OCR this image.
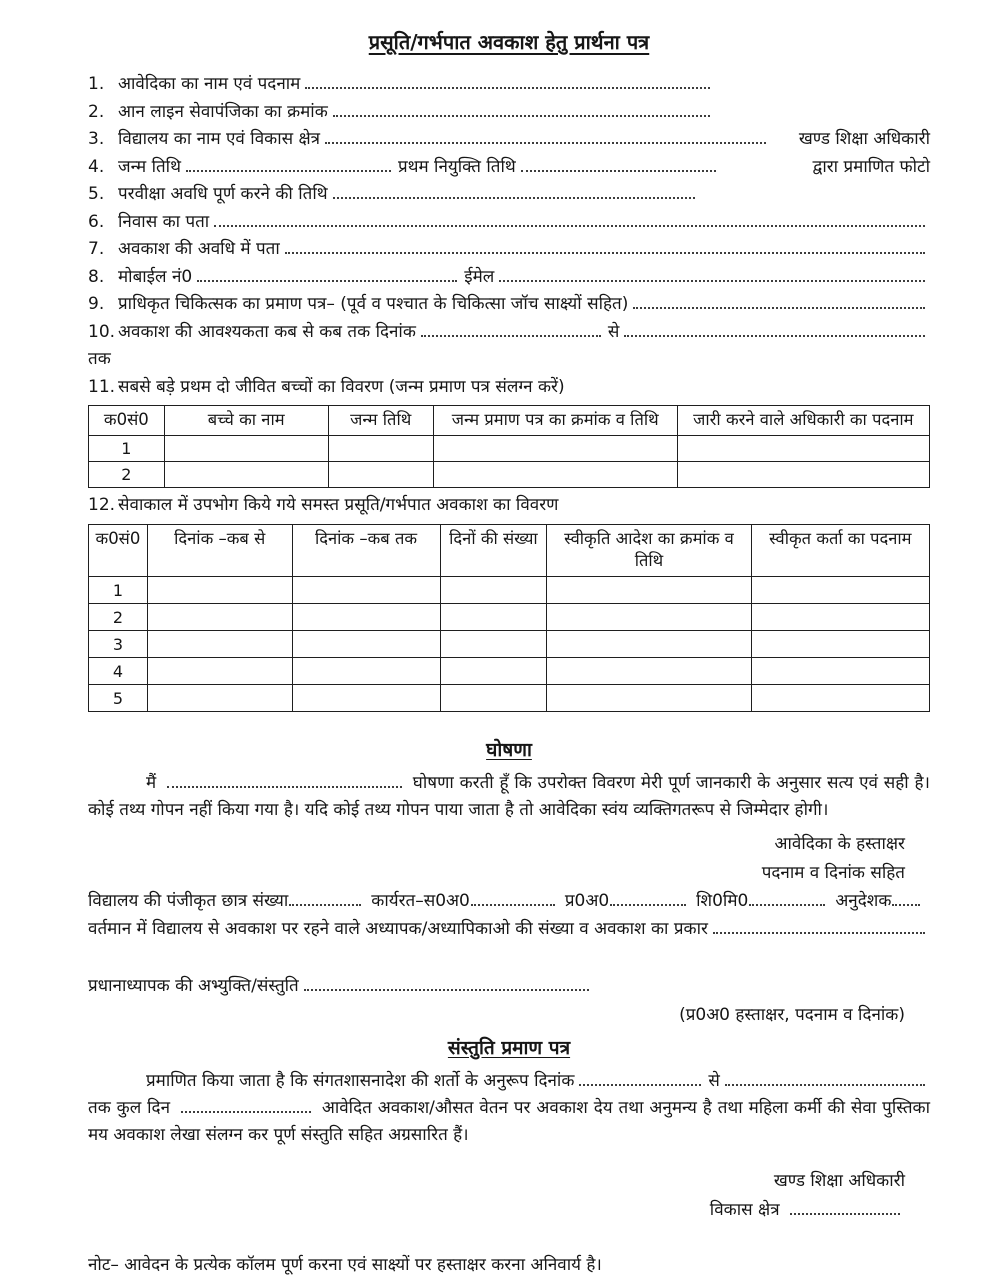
प्रसूति/गर्भपात अवकाश हेतु प्रार्थना पत्र
1. आवेदिका का नाम एवं पदनाम
2. आन लाइन सेवापंजिका का क्रमांक
3. विद्यालय का नाम एवं विकास क्षेत्र	खण्ड शिक्षा अधिकारी
4. जन्म तिथि	प्रथम नियुक्ति तिथि	द्वारा प्रमाणित फोटो
5. परवीक्षा अवधि पूर्ण करने की तिथि
6. निवास का पता
7. अवकाश की अवधि में पता
8. मोबाईल नं0	ईमेल
9. प्राधिकृत चिकित्सक का प्रमाण पत्र– (पूर्व व पश्चात के चिकित्सा जॉच साक्ष्यों सहित)
10. अवकाश की आवश्यकता कब से कब तक दिनांक	से
तक
11. सबसे बड़े प्रथम दो जीवित बच्चों का विवरण (जन्म प्रमाण पत्र संलग्न करें)
क0सं0	बच्चे का नाम	जन्म तिथि	जन्म प्रमाण पत्र का क्रमांक व तिथि	जारी करने वाले अधिकारी का पदनाम
1				
2				
12. सेवाकाल में उपभोग किये गये समस्त प्रसूति/गर्भपात अवकाश का विवरण
क0सं0	दिनांक –कब से	दिनांक –कब तक	दिनों की संख्या	स्वीकृति आदेश का क्रमांक व तिथि	स्वीकृत कर्ता का पदनाम
1					
2					
3					
4					
5					
घोषणा
मैं	घोषणा करती हूँ कि उपरोक्त विवरण मेरी पूर्ण जानकारी के अनुसार सत्य एवं सही है। कोई तथ्य गोपन नहीं किया गया है। यदि कोई तथ्य गोपन पाया जाता है तो आवेदिका स्वंय व्यक्तिगतरूप से जिम्मेदार होगी।
आवेदिका के हस्ताक्षर
पदनाम व दिनांक सहित
विद्यालय की पंजीकृत छात्र संख्या	कार्यरत–स0अ0	प्र0अ0	शि0मि0	अनुदेशक
वर्तमान में विद्यालय से अवकाश पर रहने वाले अध्यापक/अध्यापिकाओ की संख्या व अवकाश का प्रकार
प्रधानाध्यापक की अभ्युक्ति/संस्तुति
(प्र0अ0 हस्ताक्षर, पदनाम व दिनांक)
संस्तुति प्रमाण पत्र
प्रमाणित किया जाता है कि संगतशासनादेश की शर्तो के अनुरूप दिनांक	से
तक कुल दिन	आवेदित अवकाश/औसत वेतन पर अवकाश देय तथा अनुमन्य है तथा महिला कर्मी की सेवा पुस्तिका मय अवकाश लेखा संलग्न कर पूर्ण संस्तुति सहित अग्रसारित हैं।
खण्ड शिक्षा अधिकारी
विकास क्षेत्र
नोट– आवेदन के प्रत्येक कॉलम पूर्ण करना एवं साक्ष्यों पर हस्ताक्षर करना अनिवार्य है।
